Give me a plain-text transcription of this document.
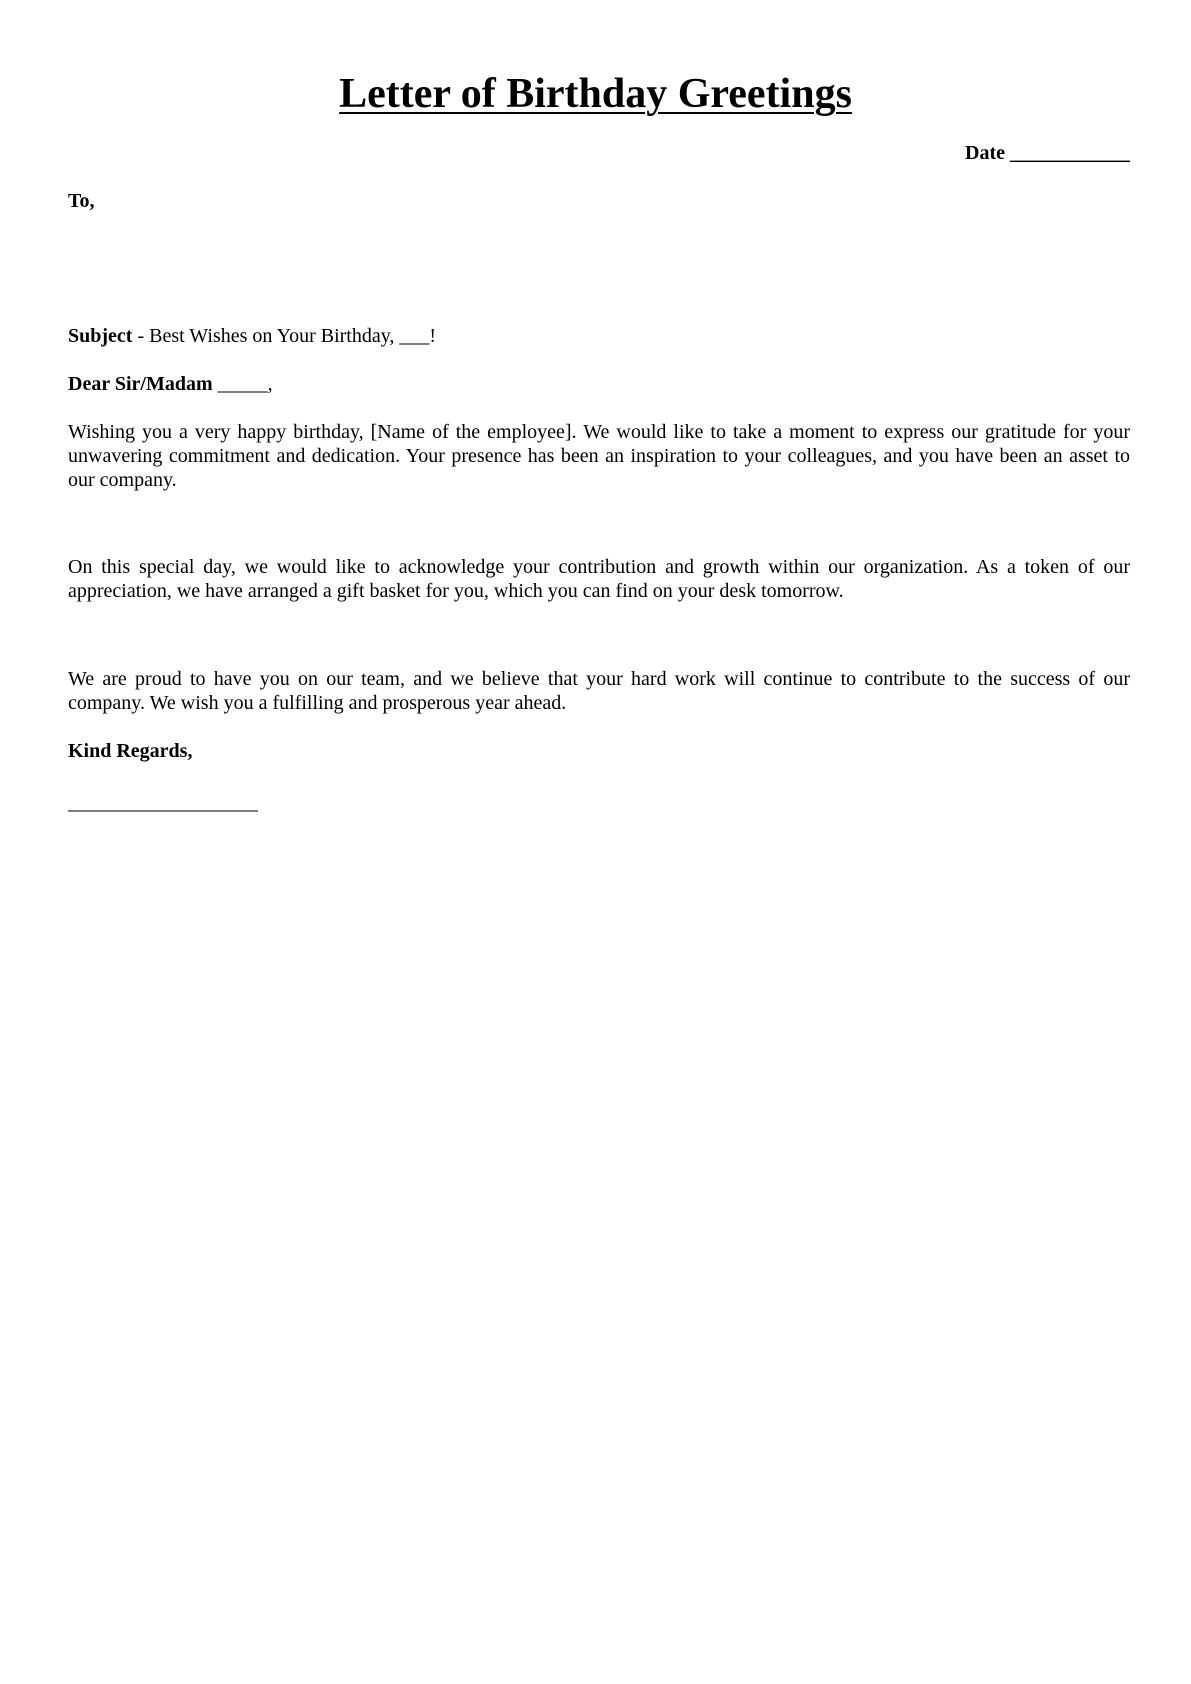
Letter of Birthday Greetings
Date ____________
To,
Subject - Best Wishes on Your Birthday, ___!
Dear Sir/Madam _____,
Wishing you a very happy birthday, [Name of the employee]. We would like to take a moment to express our gratitude for your unwavering commitment and dedication. Your presence has been an inspiration to your colleagues, and you have been an asset to our company.
On this special day, we would like to acknowledge your contribution and growth within our organization. As a token of our appreciation, we have arranged a gift basket for you, which you can find on your desk tomorrow.
We are proud to have you on our team, and we believe that your hard work will continue to contribute to the success of our company. We wish you a fulfilling and prosperous year ahead.
Kind Regards,
___________________
